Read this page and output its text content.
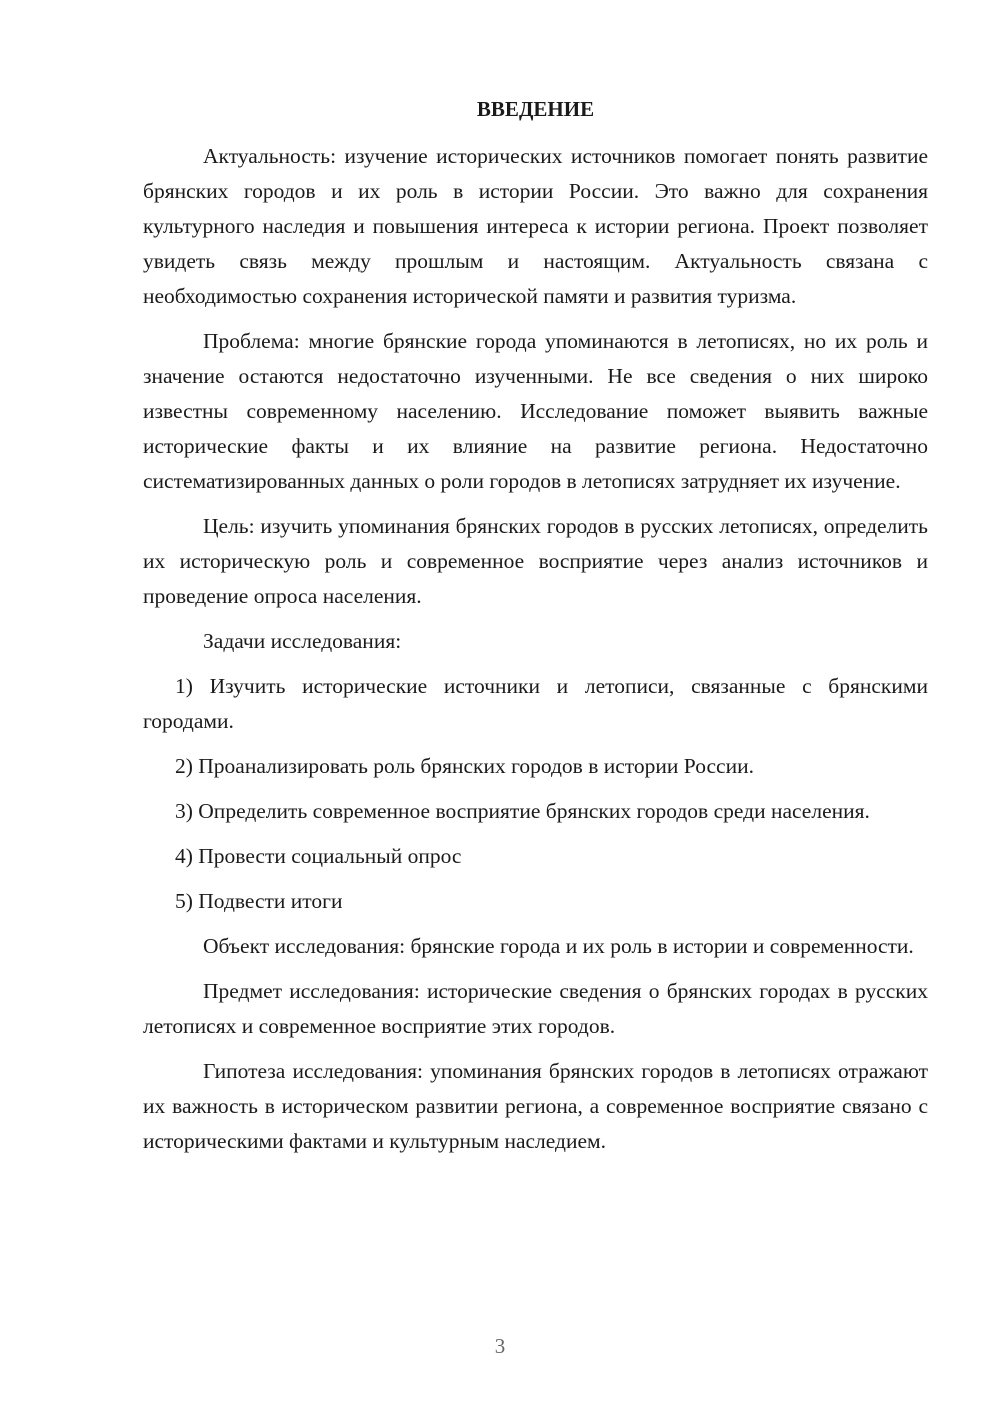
ВВЕДЕНИЕ

Актуальность: изучение исторических источников помогает понять развитие брянских городов и их роль в истории России. Это важно для сохранения культурного наследия и повышения интереса к истории региона. Проект позволяет увидеть связь между прошлым и настоящим. Актуальность связана с необходимостью сохранения исторической памяти и развития туризма.

Проблема: многие брянские города упоминаются в летописях, но их роль и значение остаются недостаточно изученными. Не все сведения о них широко известны современному населению. Исследование поможет выявить важные исторические факты и их влияние на развитие региона. Недостаточно систематизированных данных о роли городов в летописях затрудняет их изучение.

Цель: изучить упоминания брянских городов в русских летописях, определить их историческую роль и современное восприятие через анализ источников и проведение опроса населения.

Задачи исследования:

1) Изучить исторические источники и летописи, связанные с брянскими городами.

2) Проанализировать роль брянских городов в истории России.

3) Определить современное восприятие брянских городов среди населения.

4) Провести социальный опрос

5) Подвести итоги

Объект исследования: брянские города и их роль в истории и современности.

Предмет исследования: исторические сведения о брянских городах в русских летописях и современное восприятие этих городов.

Гипотеза исследования: упоминания брянских городов в летописях отражают их важность в историческом развитии региона, а современное восприятие связано с историческими фактами и культурным наследием.

3
